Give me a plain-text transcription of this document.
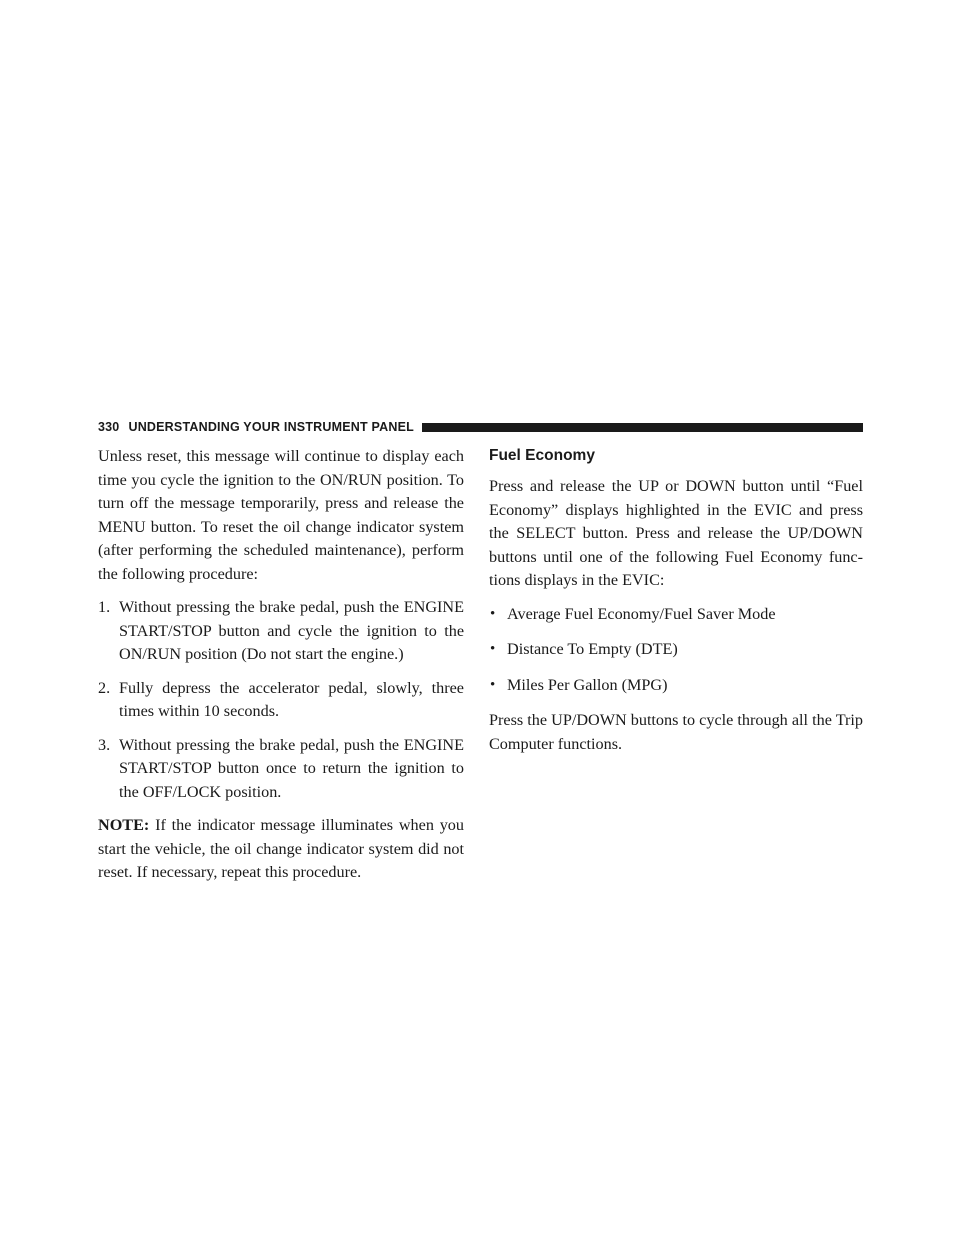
330 UNDERSTANDING YOUR INSTRUMENT PANEL

Unless reset, this message will continue to display each time you cycle the ignition to the ON/RUN position. To turn off the message temporarily, press and release the MENU button. To reset the oil change indicator system (after performing the scheduled maintenance), perform the following procedure:

1. Without pressing the brake pedal, push the ENGINE START/STOP button and cycle the ignition to the ON/RUN position (Do not start the engine.)
2. Fully depress the accelerator pedal, slowly, three times within 10 seconds.
3. Without pressing the brake pedal, push the ENGINE START/STOP button once to return the ignition to the OFF/LOCK position.

NOTE: If the indicator message illuminates when you start the vehicle, the oil change indicator system did not reset. If necessary, repeat this procedure.

Fuel Economy

Press and release the UP or DOWN button until “Fuel Economy” displays highlighted in the EVIC and press the SELECT button. Press and release the UP/DOWN buttons until one of the following Fuel Economy func-tions displays in the EVIC:

• Average Fuel Economy/Fuel Saver Mode
• Distance To Empty (DTE)
• Miles Per Gallon (MPG)

Press the UP/DOWN buttons to cycle through all the Trip Computer functions.
